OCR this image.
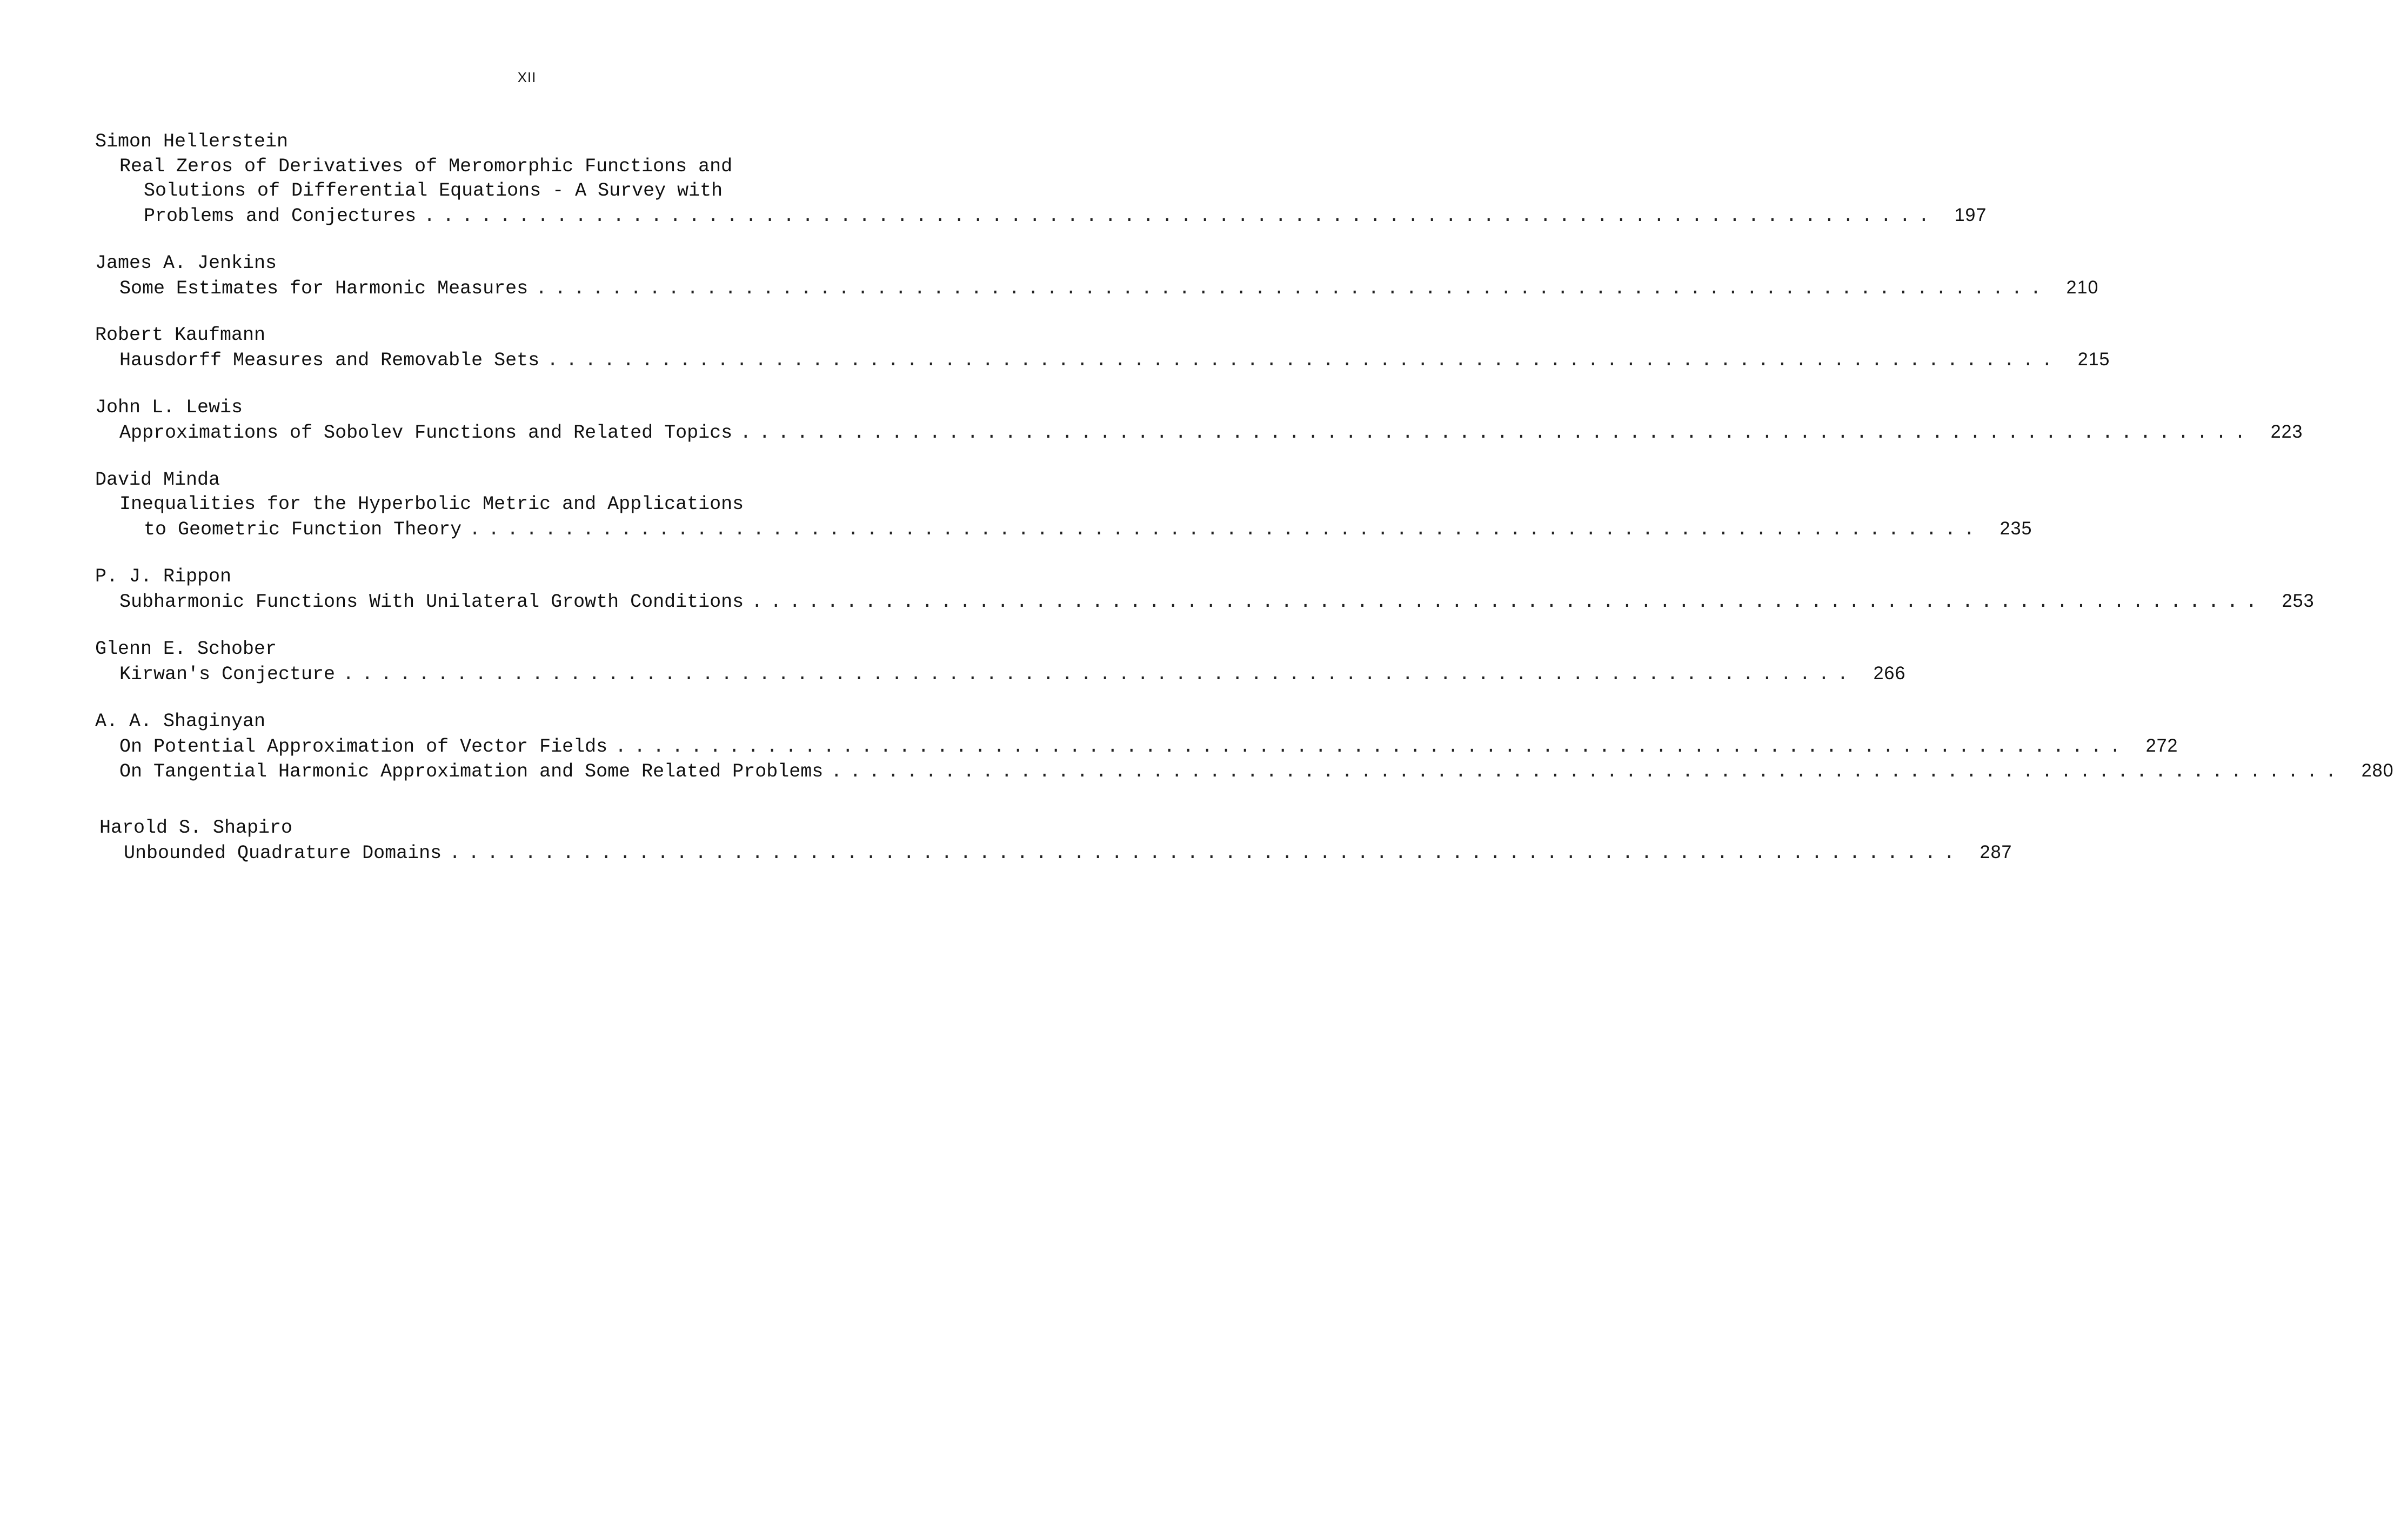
XII
Simon Hellerstein
Real Zeros of Derivatives of Meromorphic Functions and
Solutions of Differential Equations - A Survey with
Problems and Conjectures ................................................................................ 197
James A. Jenkins
Some Estimates for Harmonic Measures ................................................................................ 210
Robert Kaufmann
Hausdorff Measures and Removable Sets ................................................................................ 215
John L. Lewis
Approximations of Sobolev Functions and Related Topics ................................................................................ 223
David Minda
Inequalities for the Hyperbolic Metric and Applications
to Geometric Function Theory ................................................................................ 235
P. J. Rippon
Subharmonic Functions With Unilateral Growth Conditions ................................................................................ 253
Glenn E. Schober
Kirwan's Conjecture ................................................................................ 266
A. A. Shaginyan
On Potential Approximation of Vector Fields ................................................................................ 272
On Tangential Harmonic Approximation and Some Related Problems ................................................................................ 280
Harold S. Shapiro
Unbounded Quadrature Domains ................................................................................ 287
